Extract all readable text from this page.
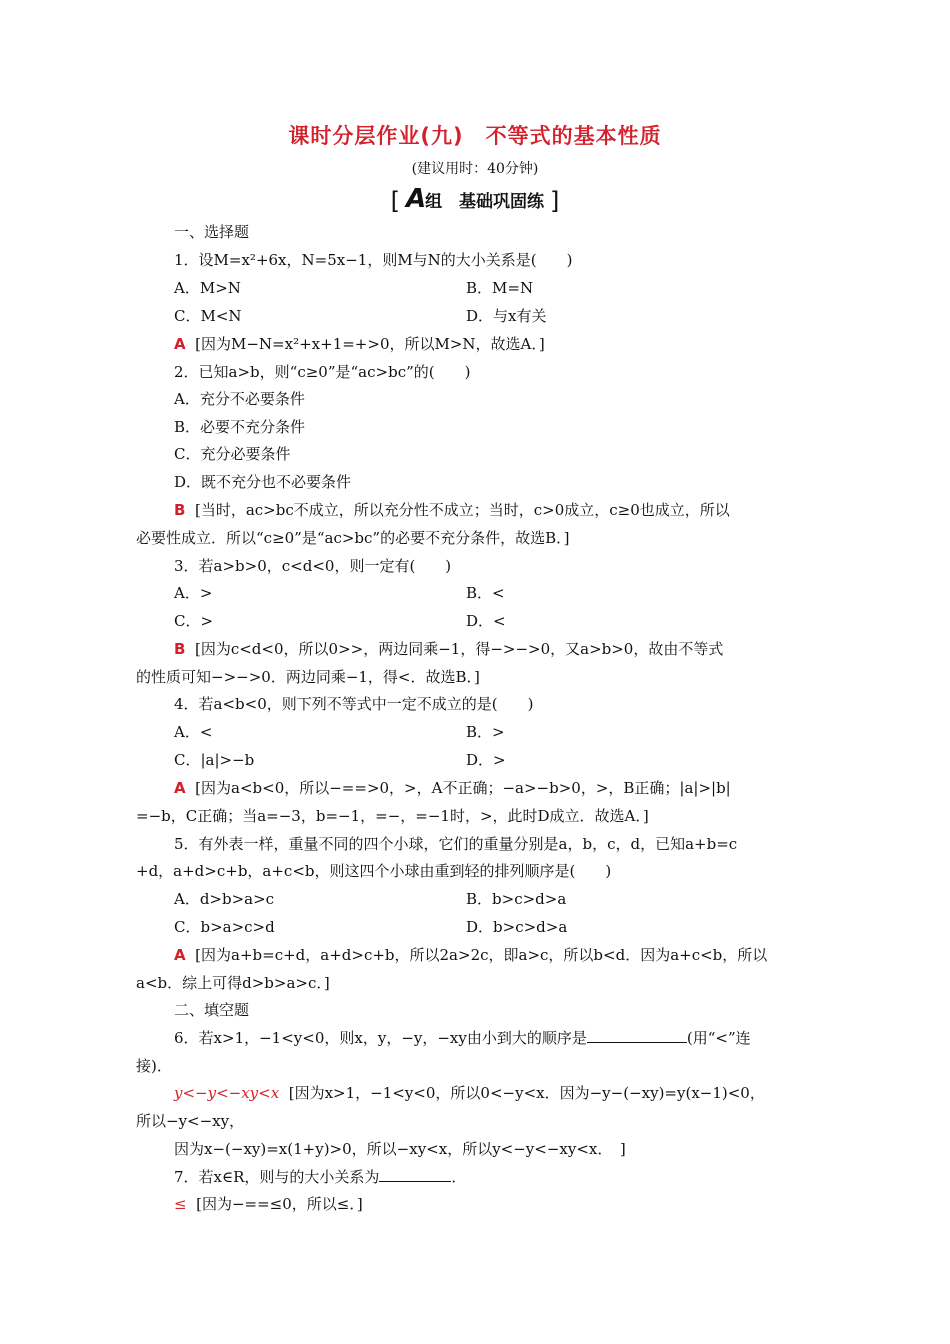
课时分层作业(九)　不等式的基本性质
(建议用时：40分钟)
[ A组　基础巩固练 ]
一、选择题
1．设M=x²+6x，N=5x−1，则M与N的大小关系是(　　)
A．M>N	B．M=N
C．M<N	D．与x有关
A [因为M−N=x²+x+1=+>0，所以M>N，故选A．]
2．已知a>b，则“c≥0”是“ac>bc”的(　　)
A．充分不必要条件
B．必要不充分条件
C．充分必要条件
D．既不充分也不必要条件
B [当时，ac>bc不成立，所以充分性不成立；当时，c>0成立，c≥0也成立，所以
必要性成立．所以“c≥0”是“ac>bc”的必要不充分条件，故选B．]
3．若a>b>0，c<d<0，则一定有(　　)
A．>	B．<
C．>	D．<
B [因为c<d<0，所以0>>，两边同乘−1，得−>−>0，又a>b>0，故由不等式
的性质可知−>−>0．两边同乘−1，得<．故选B．]
4．若a<b<0，则下列不等式中一定不成立的是(　　)
A．<	B．>
C．|a|>−b	D．>
A [因为a<b<0，所以−==>0，>，A不正确；−a>−b>0，>，B正确；|a|>|b|
=−b，C正确；当a=−3，b=−1，=−，=−1时，>，此时D成立．故选A．]
5．有外表一样，重量不同的四个小球，它们的重量分别是a，b，c，d，已知a+b=c
+d，a+d>c+b，a+c<b，则这四个小球由重到轻的排列顺序是(　　)
A．d>b>a>c	B．b>c>d>a
C．b>a>c>d	D．b>c>d>a
A [因为a+b=c+d，a+d>c+b，所以2a>2c，即a>c，所以b<d．因为a+c<b，所以
a<b．综上可得d>b>a>c．]
二、填空题
6．若x>1，−1<y<0，则x，y，−y，−xy由小到大的顺序是	(用“<”连
接)．
y<−y<−xy<x [因为x>1，−1<y<0，所以0<−y<x．因为−y−(−xy)=y(x−1)<0，
所以−y<−xy，
因为x−(−xy)=x(1+y)>0，所以−xy<x，所以y<−y<−xy<x．　]
7．若x∈R，则与的大小关系为	．
≤ [因为−==≤0，所以≤．]
